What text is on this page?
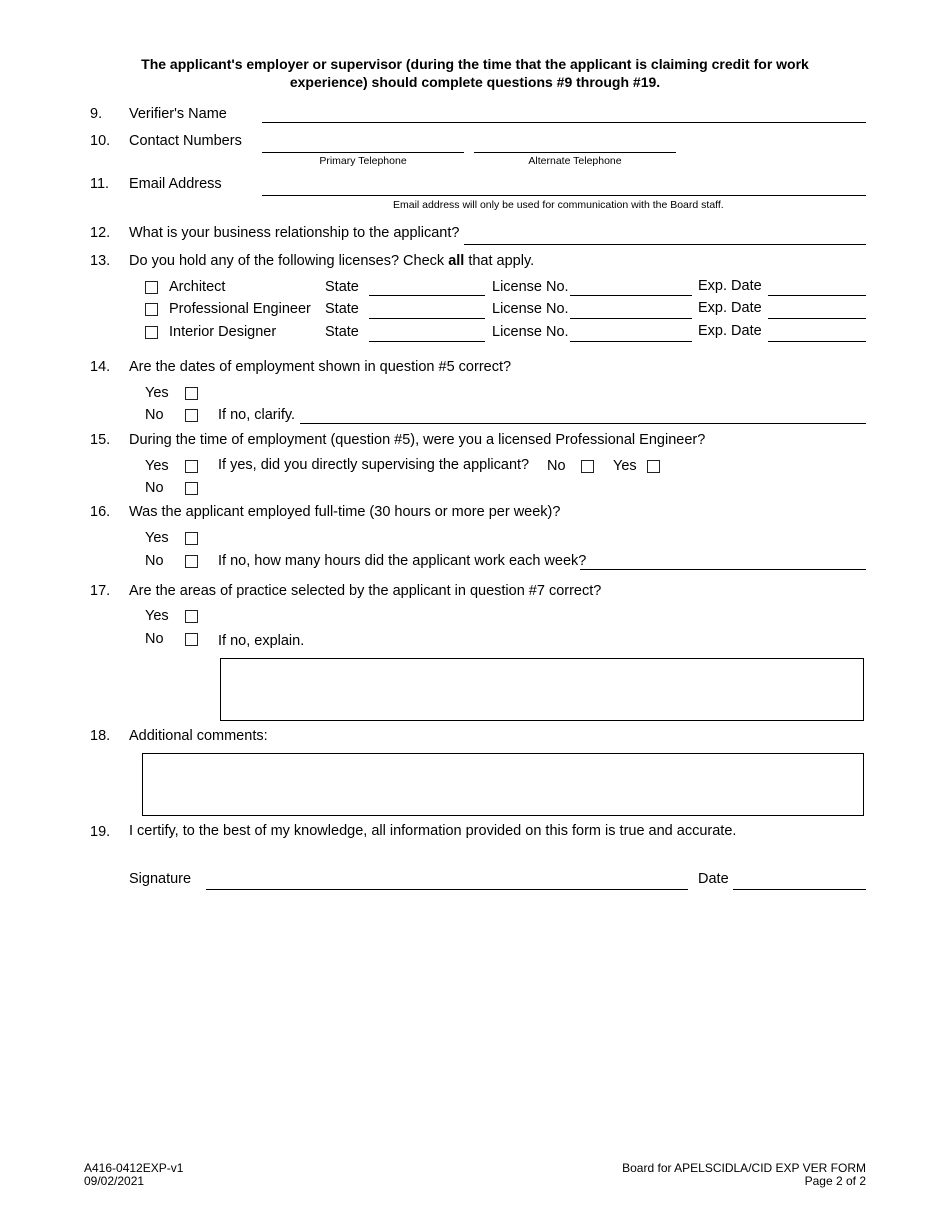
The applicant's employer or supervisor (during the time that the applicant is claiming credit for work experience) should complete questions #9 through #19.
9. Verifier's Name
10. Contact Numbers
Primary Telephone	Alternate Telephone
11. Email Address
Email address will only be used for communication with the Board staff.
12. What is your business relationship to the applicant?
13. Do you hold any of the following licenses? Check all that apply.
Architect	State	License No.	Exp. Date
Professional Engineer State	License No.	Exp. Date
Interior Designer	State	License No.	Exp. Date
14. Are the dates of employment shown in question #5 correct?
Yes
No	If no, clarify.
15. During the time of employment (question #5), were you a licensed Professional Engineer?
Yes	If yes, did you directly supervising the applicant? No	Yes
No
16. Was the applicant employed full-time (30 hours or more per week)?
Yes
No	If no, how many hours did the applicant work each week?
17. Are the areas of practice selected by the applicant in question #7 correct?
Yes
No	If no, explain.
18. Additional comments:
19. I certify, to the best of my knowledge, all information provided on this form is true and accurate.
Signature	Date
A416-0412EXP-v1
09/02/2021
Board for APELSCIDLA/CID EXP VER FORM
Page 2 of 2
